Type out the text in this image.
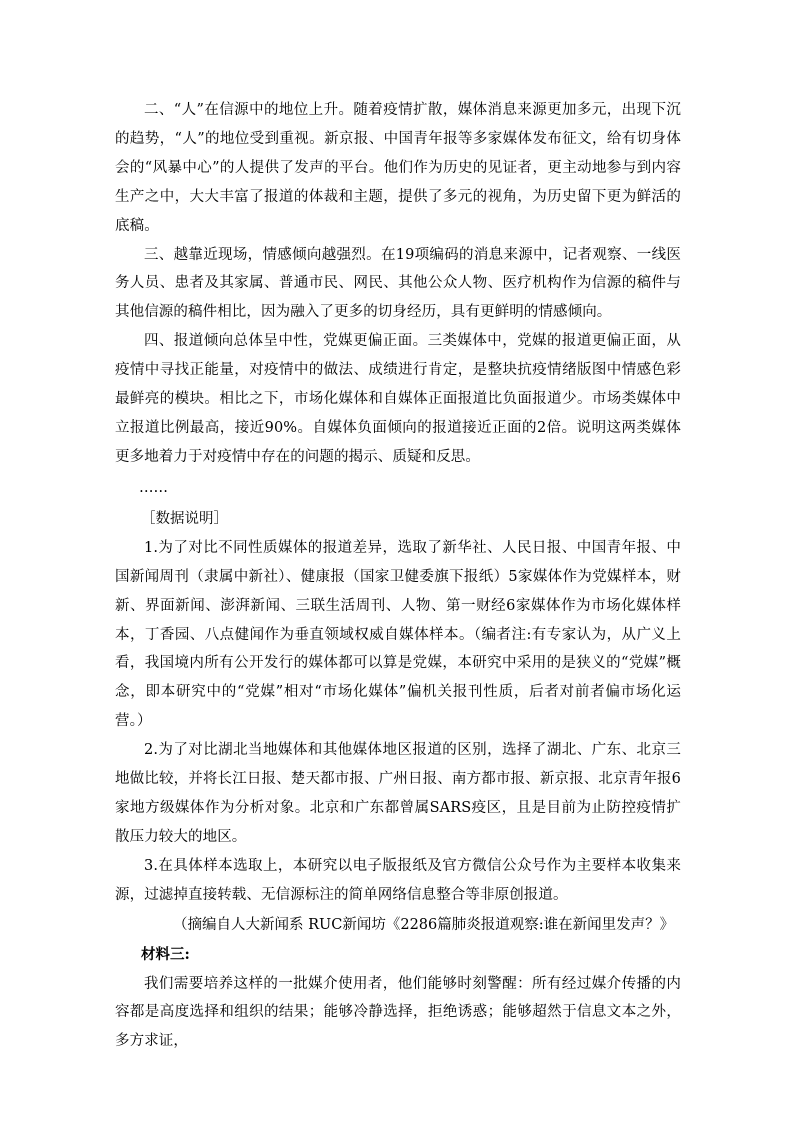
二、“人”在信源中的地位上升。随着疫情扩散，媒体消息来源更加多元，出现下沉的趋势，“人”的地位受到重视。新京报、中国青年报等多家媒体发布征文，给有切身体会的“风暴中心”的人提供了发声的平台。他们作为历史的见证者，更主动地参与到内容生产之中，大大丰富了报道的体裁和主题，提供了多元的视角，为历史留下更为鲜活的底稿。

三、越靠近现场，情感倾向越强烈。在19项编码的消息来源中，记者观察、一线医务人员、患者及其家属、普通市民、网民、其他公众人物、医疗机构作为信源的稿件与其他信源的稿件相比，因为融入了更多的切身经历，具有更鲜明的情感倾向。

四、报道倾向总体呈中性，党媒更偏正面。三类媒体中，党媒的报道更偏正面，从疫情中寻找正能量，对疫情中的做法、成绩进行肯定，是整块抗疫情绪版图中情感色彩最鲜亮的模块。相比之下，市场化媒体和自媒体正面报道比负面报道少。市场类媒体中立报道比例最高，接近90%。自媒体负面倾向的报道接近正面的2倍。说明这两类媒体更多地着力于对疫情中存在的问题的揭示、质疑和反思。

……

［数据说明］

1.为了对比不同性质媒体的报道差异，选取了新华社、人民日报、中国青年报、中国新闻周刊（隶属中新社）、健康报（国家卫健委旗下报纸）5家媒体作为党媒样本，财新、界面新闻、澎湃新闻、三联生活周刊、人物、第一财经6家媒体作为市场化媒体样本，丁香园、八点健闻作为垂直领域权威自媒体样本。（编者注:有专家认为，从广义上看，我国境内所有公开发行的媒体都可以算是党媒，本研究中采用的是狭义的“党媒”概念，即本研究中的“党媒”相对“市场化媒体”偏机关报刊性质，后者对前者偏市场化运营。）

2.为了对比湖北当地媒体和其他媒体地区报道的区别，选择了湖北、广东、北京三地做比较，并将长江日报、楚天都市报、广州日报、南方都市报、新京报、北京青年报6家地方级媒体作为分析对象。北京和广东都曾属SARS疫区，且是目前为止防控疫情扩散压力较大的地区。

3.在具体样本选取上，本研究以电子版报纸及官方微信公众号作为主要样本收集来源，过滤掉直接转载、无信源标注的简单网络信息整合等非原创报道。

（摘编自人大新闻系 RUC新闻坊《2286篇肺炎报道观察:谁在新闻里发声？》

材料三:

我们需要培养这样的一批媒介使用者，他们能够时刻警醒：所有经过媒介传播的内容都是高度选择和组织的结果；能够冷静选择，拒绝诱惑；能够超然于信息文本之外，多方求证，
